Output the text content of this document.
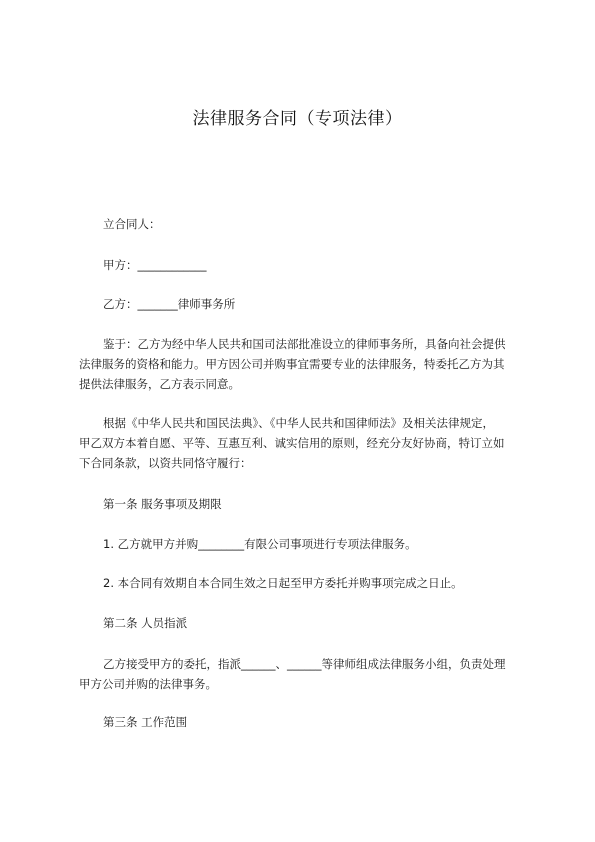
法律服务合同（专项法律）
立合同人：
甲方：____________
乙方：_______律师事务所
鉴于：乙方为经中华人民共和国司法部批准设立的律师事务所，具备向社会提供
法律服务的资格和能力。甲方因公司并购事宜需要专业的法律服务，特委托乙方为其
提供法律服务，乙方表示同意。
根据《中华人民共和国民法典》、《中华人民共和国律师法》及相关法律规定，
甲乙双方本着自愿、平等、互惠互利、诚实信用的原则，经充分友好协商，特订立如
下合同条款，以资共同恪守履行：
第一条 服务事项及期限
1. 乙方就甲方并购________有限公司事项进行专项法律服务。
2. 本合同有效期自本合同生效之日起至甲方委托并购事项完成之日止。
第二条 人员指派
乙方接受甲方的委托，指派______、______等律师组成法律服务小组，负责处理
甲方公司并购的法律事务。
第三条 工作范围
